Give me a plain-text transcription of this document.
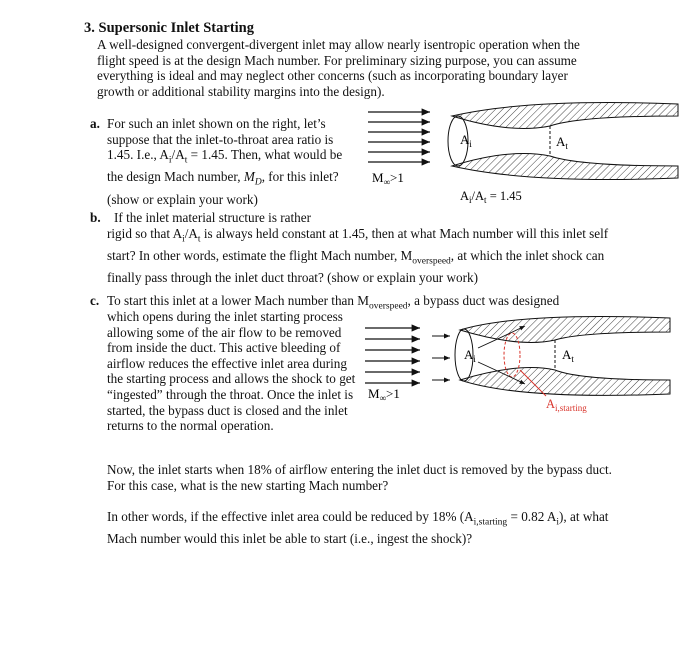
3. Supersonic Inlet Starting
A well-designed convergent-divergent inlet may allow nearly isentropic operation when the flight speed is at the design Mach number. For preliminary sizing purpose, you can assume everything is ideal and may neglect other concerns (such as incorporating boundary layer growth or additional stability margins into the design).
a. For such an inlet shown on the right, let’s suppose that the inlet-to-throat area ratio is 1.45. I.e., $A_i/A_t = 1.45$. Then, what would be the design Mach number, $M_D$, for this inlet? (show or explain your work)
$A_i$	$A_t$
$M_\infty>1$
$A_i/A_t = 1.45$
b. If the inlet material structure is rather
rigid so that $A_i/A_t$ is always held constant at 1.45, then at what Mach number will this inlet self start? In other words, estimate the flight Mach number, $M_{overspeed}$, at which the inlet shock can finally pass through the inlet duct throat? (show or explain your work)
c. To start this inlet at a lower Mach number than $M_{overspeed}$, a bypass duct was designed
which opens during the inlet starting process allowing some of the air flow to be removed from inside the duct. This active bleeding of airflow reduces the effective inlet area during the starting process and allows the shock to get “ingested” through the throat. Once the inlet is started, the bypass duct is closed and the inlet returns to the normal operation.
$A_i$	$A_t$
$M_\infty>1$
$A_{i,starting}$
Now, the inlet starts when 18% of airflow entering the inlet duct is removed by the bypass duct. For this case, what is the new starting Mach number?
In other words, if the effective inlet area could be reduced by 18% ($A_{i,starting} = 0.82$ $A_i$), at what Mach number would this inlet be able to start (i.e., ingest the shock)?
